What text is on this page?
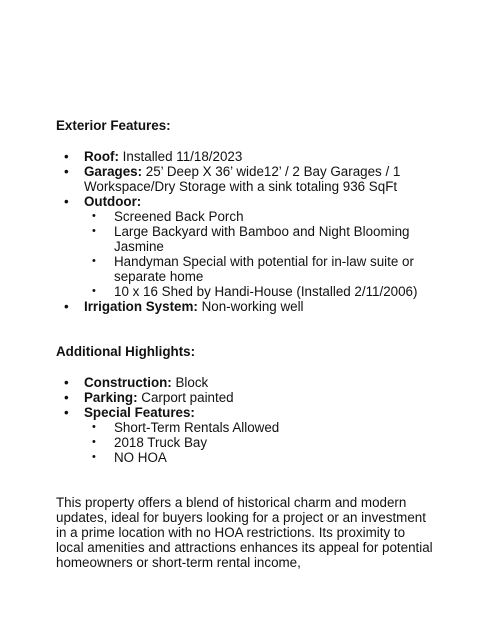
Exterior Features:
• Roof: Installed 11/18/2023
• Garages: 25’ Deep X 36’ wide12’ / 2 Bay Garages / 1 Workspace/Dry Storage with a sink totaling 936 SqFt
• Outdoor:
• Screened Back Porch
• Large Backyard with Bamboo and Night Blooming Jasmine
• Handyman Special with potential for in-law suite or separate home
• 10 x 16 Shed by Handi-House (Installed 2/11/2006)
• Irrigation System: Non-working well
Additional Highlights:
• Construction: Block
• Parking: Carport painted
• Special Features:
• Short-Term Rentals Allowed
• 2018 Truck Bay
• NO HOA

This property offers a blend of historical charm and modern updates, ideal for buyers looking for a project or an investment in a prime location with no HOA restrictions. Its proximity to local amenities and attractions enhances its appeal for potential homeowners or short-term rental income,
